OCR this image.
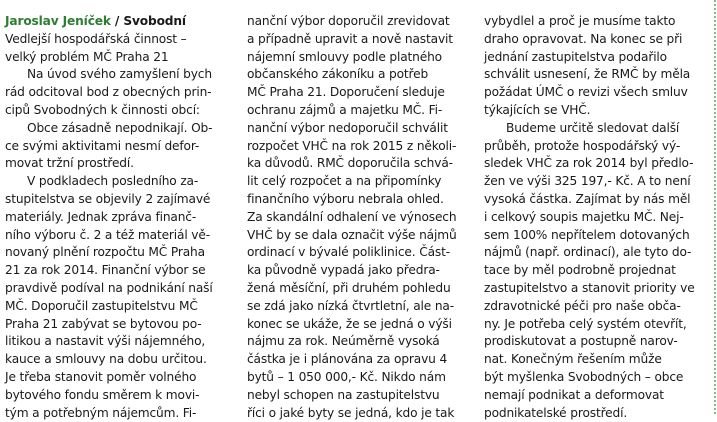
Jaroslav Jeníček / Svobodní
Vedlejší hospodářská činnost –
velký problém MČ Praha 21
Na úvod svého zamyšlení bych
rád odcitoval bod z obecných prin-
cipů Svobodných k činnosti obcí:
Obce zásadně nepodnikají. Ob-
ce svými aktivitami nesmí defor-
movat tržní prostředí.
V podkladech posledního za-
stupitelstva se objevily 2 zajímavé
materiály. Jednak zpráva finanč-
ního výboru č. 2 a též materiál vě-
novaný plnění rozpočtu MČ Praha
21 za rok 2014. Finanční výbor se
pravdivě podíval na podnikání naší
MČ. Doporučil zastupitelstvu MČ
Praha 21 zabývat se bytovou po-
litikou a nastavit výši nájemného,
kauce a smlouvy na dobu určitou.
Je třeba stanovit poměr volného
bytového fondu směrem k movi-
tým a potřebným nájemcům. Fi-
nanční výbor doporučil zrevidovat
a případně upravit a nově nastavit
nájemní smlouvy podle platného
občanského zákoníku a potřeb
MČ Praha 21. Doporučení sleduje
ochranu zájmů a majetku MČ. Fi-
nanční výbor nedoporučil schválit
rozpočet VHČ na rok 2015 z několi-
ka důvodů. RMČ doporučila schvá-
lit celý rozpočet a na připomínky
finančního výboru nebrala ohled.
Za skandální odhalení ve výnosech
VHČ by se dala označit výše nájmů
ordinací v bývalé poliklinice. Část-
ka původně vypadá jako předra-
žená měsíční, při druhém pohledu
se zdá jako nízká čtvrtletní, ale na-
konec se ukáže, že se jedná o výši
nájmu za rok. Neúměrně vysoká
částka je i plánována za opravu 4
bytů – 1 050 000,- Kč. Nikdo nám
nebyl schopen na zastupitelstvu
říci o jaké byty se jedná, kdo je tak
vybydlel a proč je musíme takto
draho opravovat. Na konec se při
jednání zastupitelstva podařilo
schválit usnesení, že RMČ by měla
požádat ÚMČ o revizi všech smluv
týkajících se VHČ.
Budeme určitě sledovat další
průběh, protože hospodářský vý-
sledek VHČ za rok 2014 byl předlo-
žen ve výši 325 197,- Kč. A to není
vysoká částka. Zajímat by nás měl
i celkový soupis majetku MČ. Nej-
sem 100% nepřítelem dotovaných
nájmů (např. ordinací), ale tyto do-
tace by měl podrobně projednat
zastupitelstvo a stanovit priority ve
zdravotnické péči pro naše obča-
ny. Je potřeba celý systém otevřít,
prodiskutovat a postupně narov-
nat. Konečným řešením může
být myšlenka Svobodných – obce
nemají podnikat a deformovat
podnikatelské prostředí.
